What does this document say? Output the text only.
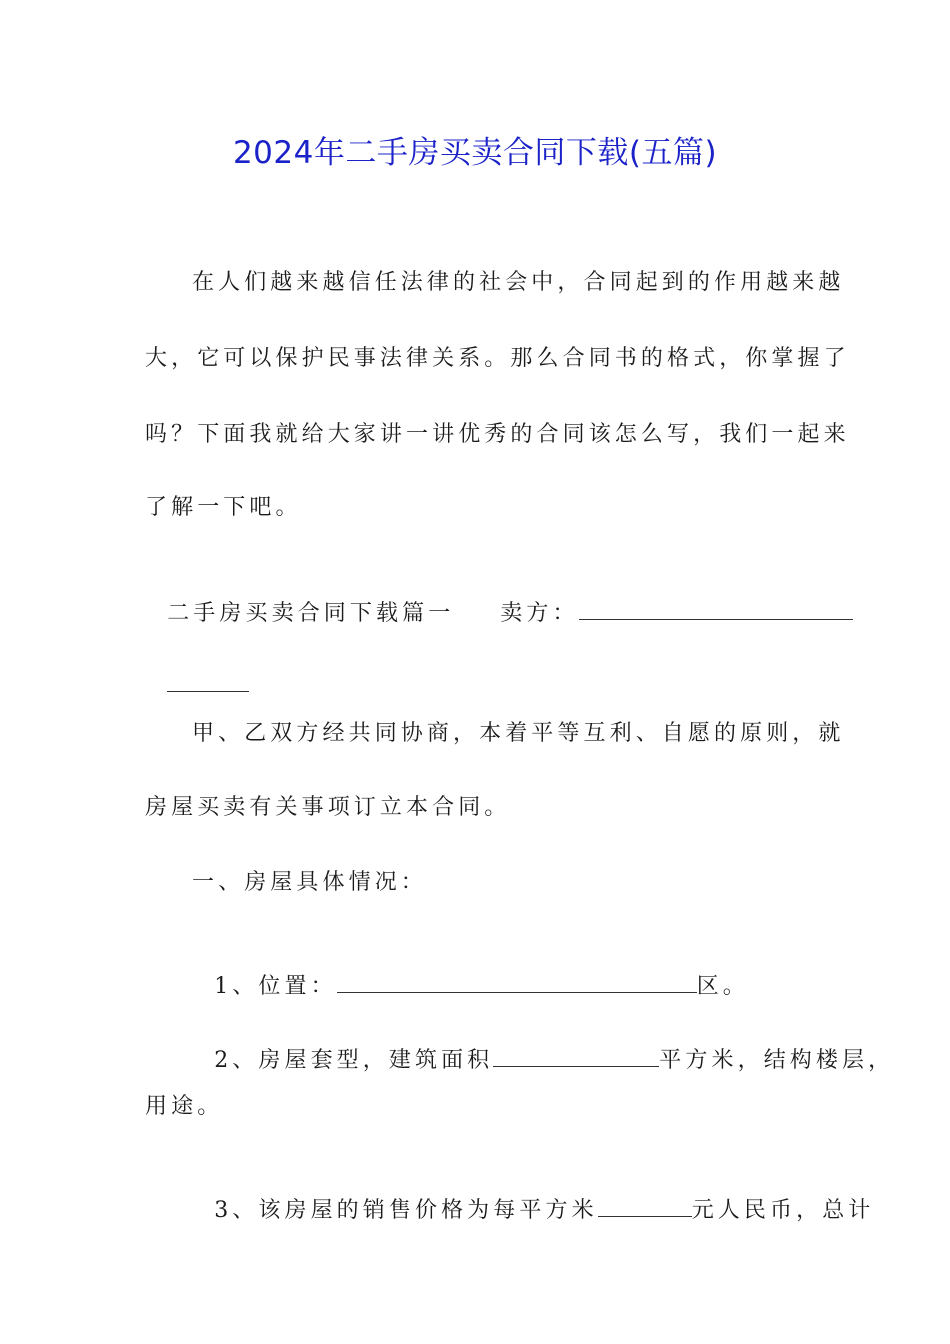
2024年二手房买卖合同下载(五篇)
在人们越来越信任法律的社会中，合同起到的作用越来越
大，它可以保护民事法律关系。那么合同书的格式，你掌握了
吗？下面我就给大家讲一讲优秀的合同该怎么写，我们一起来
了解一下吧。

二手房买卖合同下载篇一 卖方：

甲、乙双方经共同协商，本着平等互利、自愿的原则，就
房屋买卖有关事项订立本合同。
一、房屋具体情况：

1、位置：	区。

2、房屋套型，建筑面积	平方米，结构楼层，

用途。

3、该房屋的销售价格为每平方米	元人民币，总计
